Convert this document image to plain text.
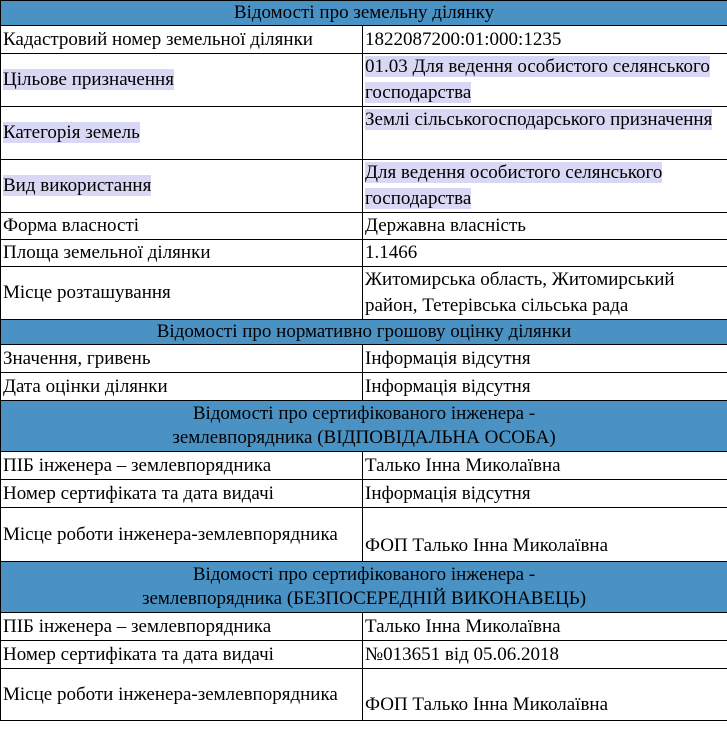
Відомості про земельну ділянку	
Кадастровий номер земельної ділянки	1822087200:01:000:1235
Цільове призначення	01.03 Для ведення особистого селянського господарства
Категорія земель	Землі сільськогосподарського призначення
Вид використання	Для ведення особистого селянського господарства
Форма власності	Державна власність
Площа земельної ділянки	1.1466
Місце розташування	Житомирська область, Житомирський район, Тетерівська сільська рада
Відомості про нормативно грошову оцінку ділянки	
Значення, гривень	Інформація відсутня
Дата оцінки ділянки	Інформація відсутня

Відомості про сертифікованого інженера -
землевпорядника (ВІДПОВІДАЛЬНА ОСОБА)	

ПІБ інженера – землевпорядника	Талько Інна Миколаївна
Номер сертифіката та дата видачі	Інформація відсутня
Місце роботи інженера-землевпорядника	ФОП Талько Інна Миколаївна

Відомості про сертифікованого інженера -
землевпорядника (БЕЗПОСЕРЕДНІЙ ВИКОНАВЕЦЬ)	

ПІБ інженера – землевпорядника	Талько Інна Миколаївна
Номер сертифіката та дата видачі	№013651 від 05.06.2018
Місце роботи інженера-землевпорядника	ФОП Талько Інна Миколаївна
